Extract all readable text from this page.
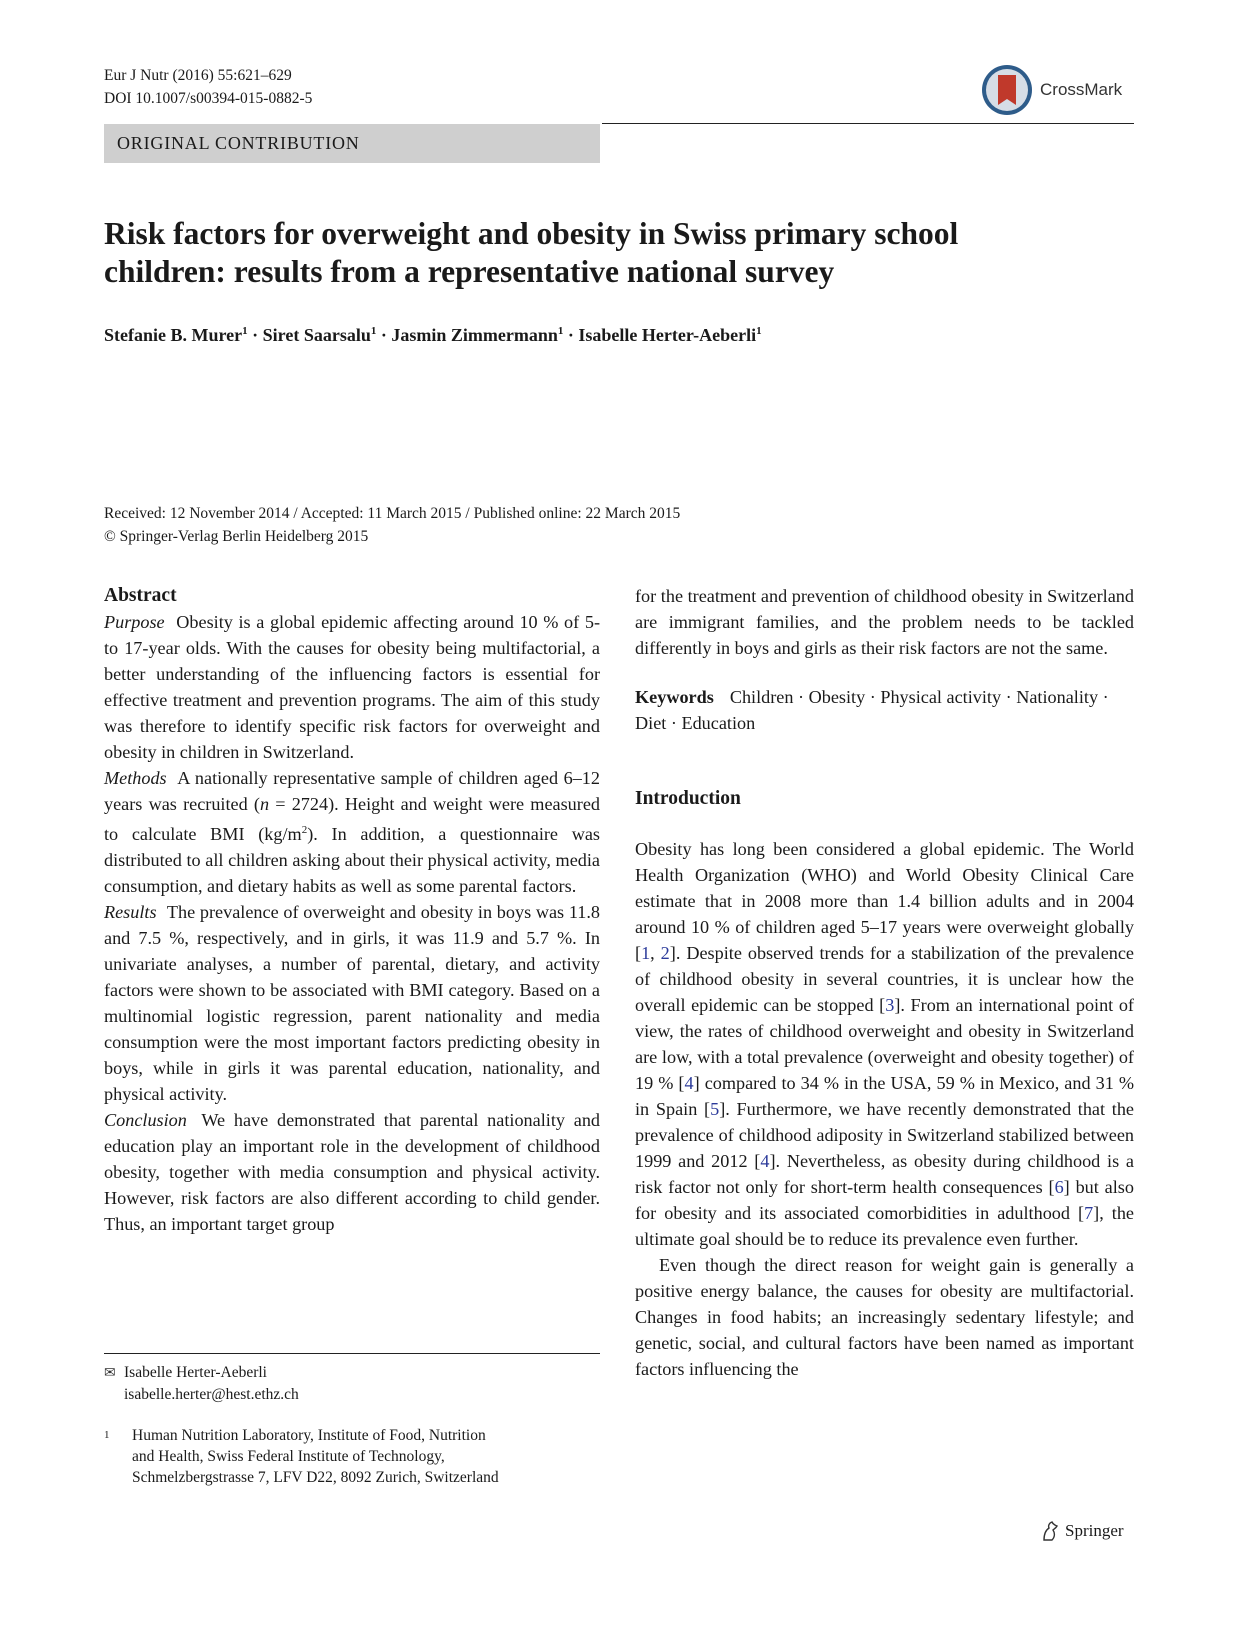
Eur J Nutr (2016) 55:621–629
DOI 10.1007/s00394-015-0882-5	CrossMark
ORIGINAL CONTRIBUTION
Risk factors for overweight and obesity in Swiss primary school
children: results from a representative national survey
Stefanie B. Murer$^1$ · Siret Saarsalu$^1$ · Jasmin Zimmermann$^1$ · Isabelle Herter-Aeberli$^1$
Received: 12 November 2014 / Accepted: 11 March 2015 / Published online: 22 March 2015
© Springer-Verlag Berlin Heidelberg 2015
Abstract

Purpose Obesity is a global epidemic affecting around 10 % of 5- to 17-year olds. With the causes for obesity being multifactorial, a better understanding of the influencing factors is essential for effective treatment and prevention programs. The aim of this study was therefore to identify specific risk factors for overweight and obesity in children in Switzerland.

Methods A nationally representative sample of children aged 6–12 years was recruited (n = 2724). Height and weight were measured to calculate BMI $(kg/m^2)$. In addition, a questionnaire was distributed to all children asking about their physical activity, media consumption, and dietary habits as well as some parental factors.

Results The prevalence of overweight and obesity in boys was 11.8 and 7.5 %, respectively, and in girls, it was 11.9 and 5.7 %. In univariate analyses, a number of parental, dietary, and activity factors were shown to be associated with BMI category. Based on a multinomial logistic regression, parent nationality and media consumption were the most important factors predicting obesity in boys, while in girls it was parental education, nationality, and physical activity.

Conclusion We have demonstrated that parental nationality and education play an important role in the development of childhood obesity, together with media consumption and physical activity. However, risk factors are also different according to child gender. Thus, an important target group

for the treatment and prevention of childhood obesity in Switzerland are immigrant families, and the problem needs to be tackled differently in boys and girls as their risk factors are not the same.

Keywords Children · Obesity · Physical activity · Nationality · Diet · Education

Introduction

Obesity has long been considered a global epidemic. The World Health Organization (WHO) and World Obesity Clinical Care estimate that in 2008 more than 1.4 billion adults and in 2004 around 10 % of children aged 5–17 years were overweight globally [1, 2]. Despite observed trends for a stabilization of the prevalence of childhood obesity in several countries, it is unclear how the overall epidemic can be stopped [3]. From an international point of view, the rates of childhood overweight and obesity in Switzerland are low, with a total prevalence (overweight and obesity together) of 19 % [4] compared to 34 % in the USA, 59 % in Mexico, and 31 % in Spain [5]. Furthermore, we have recently demonstrated that the prevalence of childhood adiposity in Switzerland stabilized between 1999 and 2012 [4]. Nevertheless, as obesity during childhood is a risk factor not only for short-term health consequences [6] but also for obesity and its associated comorbidities in adulthood [7], the ultimate goal should be to reduce its prevalence even further.

Even though the direct reason for weight gain is generally a positive energy balance, the causes for obesity are multifactorial. Changes in food habits; an increasingly sedentary lifestyle; and genetic, social, and cultural factors have been named as important factors influencing the

✉ Isabelle Herter-Aeberli
isabelle.herter@hest.ethz.ch
1 Human Nutrition Laboratory, Institute of Food, Nutrition
and Health, Swiss Federal Institute of Technology,
Schmelzbergstrasse 7, LFV D22, 8092 Zurich, Switzerland
Springer
